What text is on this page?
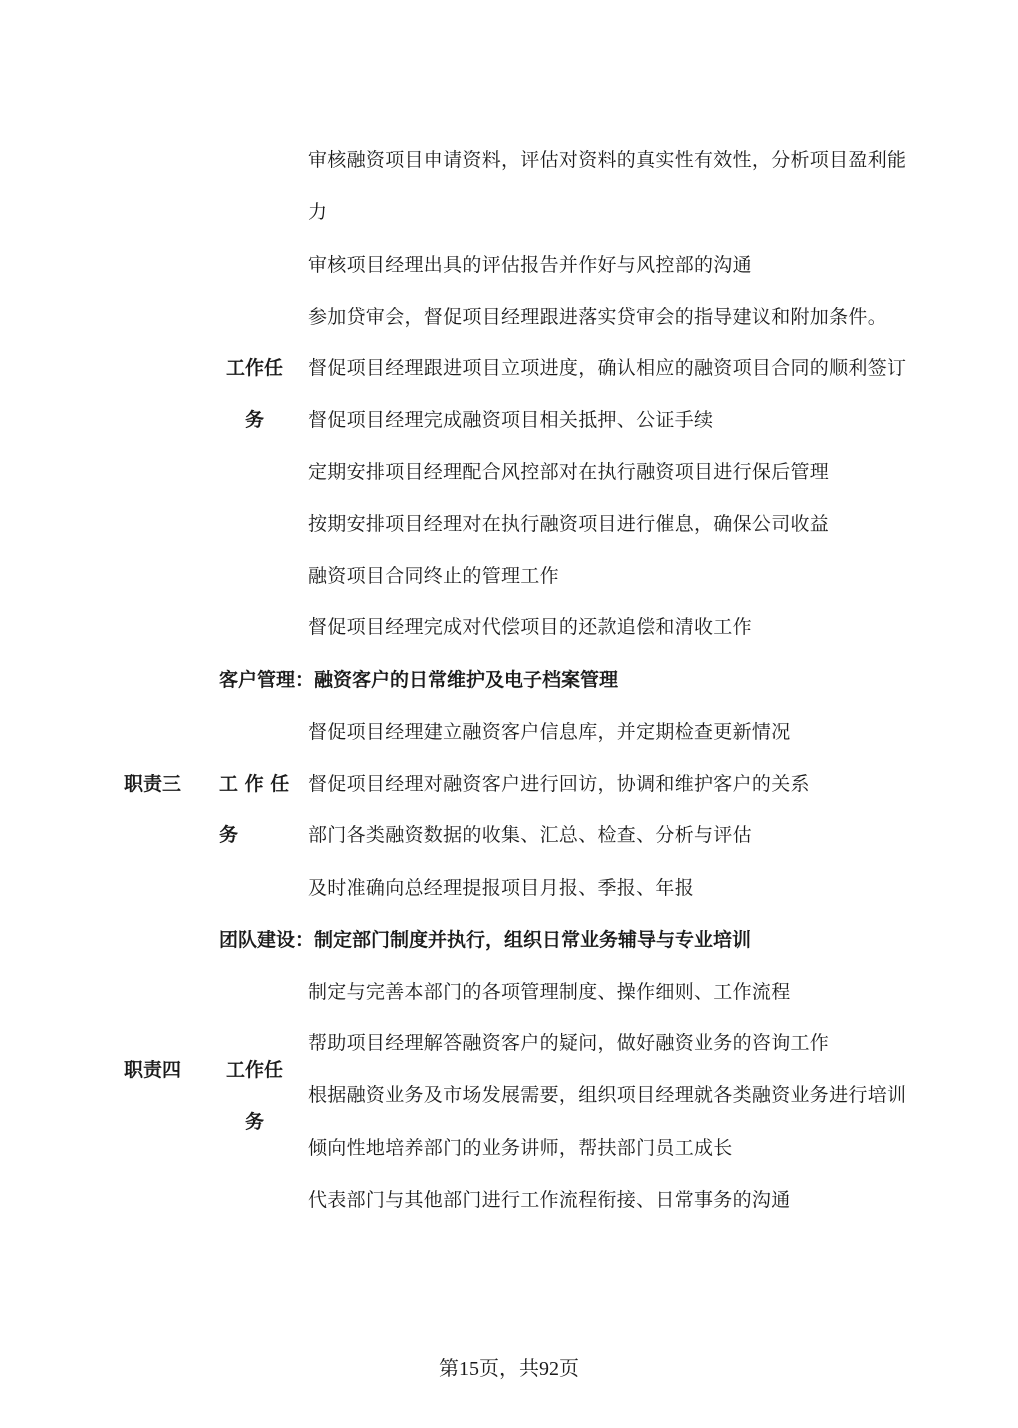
审核融资项目申请资料，评估对资料的真实性有效性，分析项目盈利能
力
审核项目经理出具的评估报告并作好与风控部的沟通
参加贷审会，督促项目经理跟进落实贷审会的指导建议和附加条件。
工作任 督促项目经理跟进项目立项进度，确认相应的融资项目合同的顺利签订
务 督促项目经理完成融资项目相关抵押、公证手续
定期安排项目经理配合风控部对在执行融资项目进行保后管理
按期安排项目经理对在执行融资项目进行催息，确保公司收益
融资项目合同终止的管理工作
督促项目经理完成对代偿项目的还款追偿和清收工作
客户管理：融资客户的日常维护及电子档案管理
督促项目经理建立融资客户信息库，并定期检查更新情况
职责三 工 作 任 督促项目经理对融资客户进行回访，协调和维护客户的关系
务	部门各类融资数据的收集、汇总、检查、分析与评估
及时准确向总经理提报项目月报、季报、年报
团队建设：制定部门制度并执行，组织日常业务辅导与专业培训
制定与完善本部门的各项管理制度、操作细则、工作流程
帮助项目经理解答融资客户的疑问，做好融资业务的咨询工作
职责四 工作任
根据融资业务及市场发展需要，组织项目经理就各类融资业务进行培训
务
倾向性地培养部门的业务讲师，帮扶部门员工成长
代表部门与其他部门进行工作流程衔接、日常事务的沟通
第15页，共92页
